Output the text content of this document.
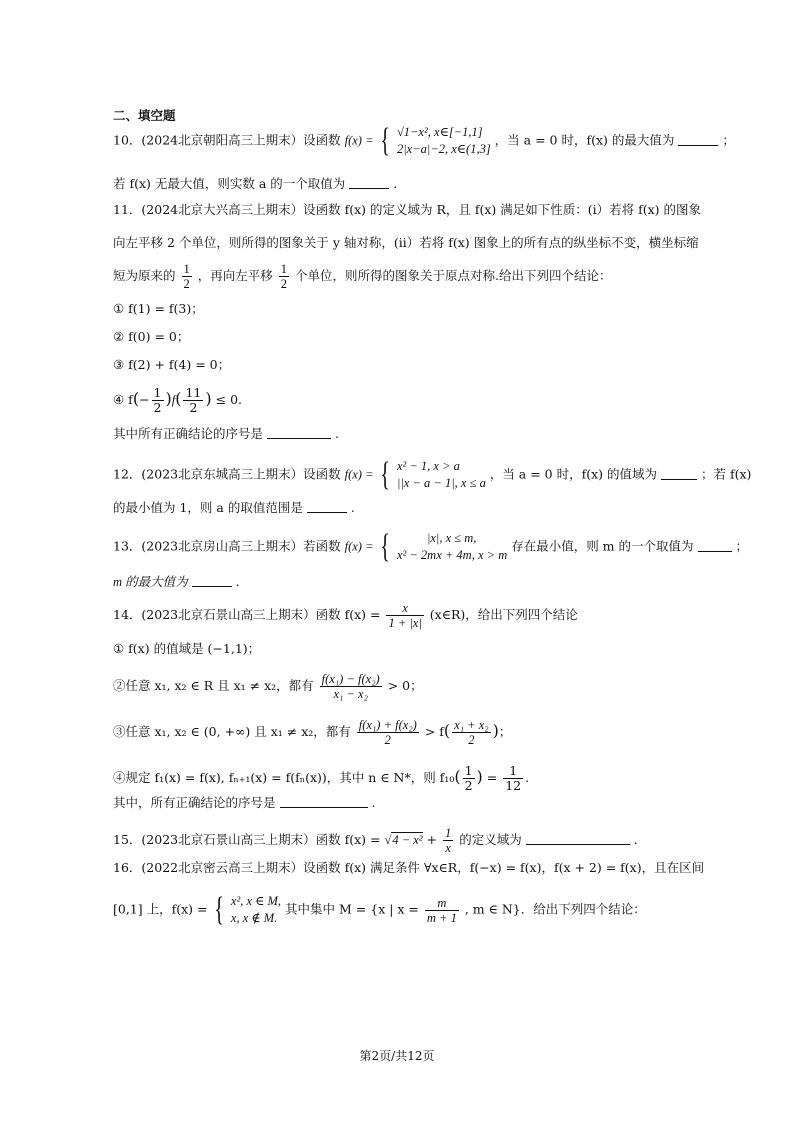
二、填空题
10．(2024北京朝阳高三上期末）设函数 f(x) = { √1−x², x∈[−1,1]
2|x−a|−2, x∈(1,3]
，当 a = 0 时，f(x) 的最大值为	；
若 f(x) 无最大值，则实数 a 的一个取值为	.
11．(2024北京大兴高三上期末）设函数 f(x) 的定义域为 R，且 f(x) 满足如下性质：(i）若将 f(x) 的图象
向左平移 2 个单位，则所得的图象关于 y 轴对称，(ii）若将 f(x) 图象上的所有点的纵坐标不变，横坐标缩
短为原来的 $\frac{1}{2}$ ，再向左平移 $\frac{1}{2}$ 个单位，则所得的图象关于原点对称.给出下列四个结论：
① f(1) = f(3)；
② f(0) = 0；
③ f(2) + f(4) = 0；
④ $f(- \frac{1}{2} )f( \frac{11}{2}$ ) ≤ 0.
其中所有正确结论的序号是	.
12．(2023北京东城高三上期末）设函数 f(x) = { x² − 1, x > a
||x − a − 1|, x ≤ a
，当 a = 0 时，f(x) 的值域为	；若 f(x)
的最小值为 1，则 a 的取值范围是	.
13．(2023北京房山高三上期末）若函数 f(x) = {	|x|, x ≤ m,
x² − 2mx + 4m, x > m
存在最小值，则 m 的一个取值为	；
m 的最大值为	.
14．(2023北京石景山高三上期末）函数 $f(x) = \frac{x}{1 + |x|}$ (x∈R)，给出下列四个结论
① f(x) 的值域是 (−1,1)；
②任意 x₁, x₂ ∈ R 且 x₁ ≠ x₂，都有 $\frac{\text{f(x₁) − f(x₂)}}{\text{x₁ − x₂}} > 0$；
③任意 x₁, x₂ ∈ (0, +∞) 且 x₁ ≠ x₂，都有 $\frac{\text{f(x₁) + f(x₂)}}{2} > f( \frac{\text{x₁ + x₂}}{2}$ )；
④规定 f₁(x) = f(x), fₙ₊₁(x) = f(fₙ(x))，其中 n ∈ N*，则 $f_{10}( \frac{1}{2}$ ) = $\frac{1}{12}$ .
其中，所有正确结论的序号是	.
15．(2023北京石景山高三上期末）函数 $f(x) = √4 - x^2 + \frac{1}{x}$ 的定义域为	.
16．(2022北京密云高三上期末）设函数 f(x) 满足条件 ∀x∈R，f(−x) = f(x)，f(x + 2) = f(x)，且在区间
[0,1] 上，f(x) = { x², x ∈ M,
x, x ∉ M.
其中集中 M = {x | $x = \frac{m}{m + 1}$ , m ∈ N}．给出下列四个结论：
第2页/共12页
